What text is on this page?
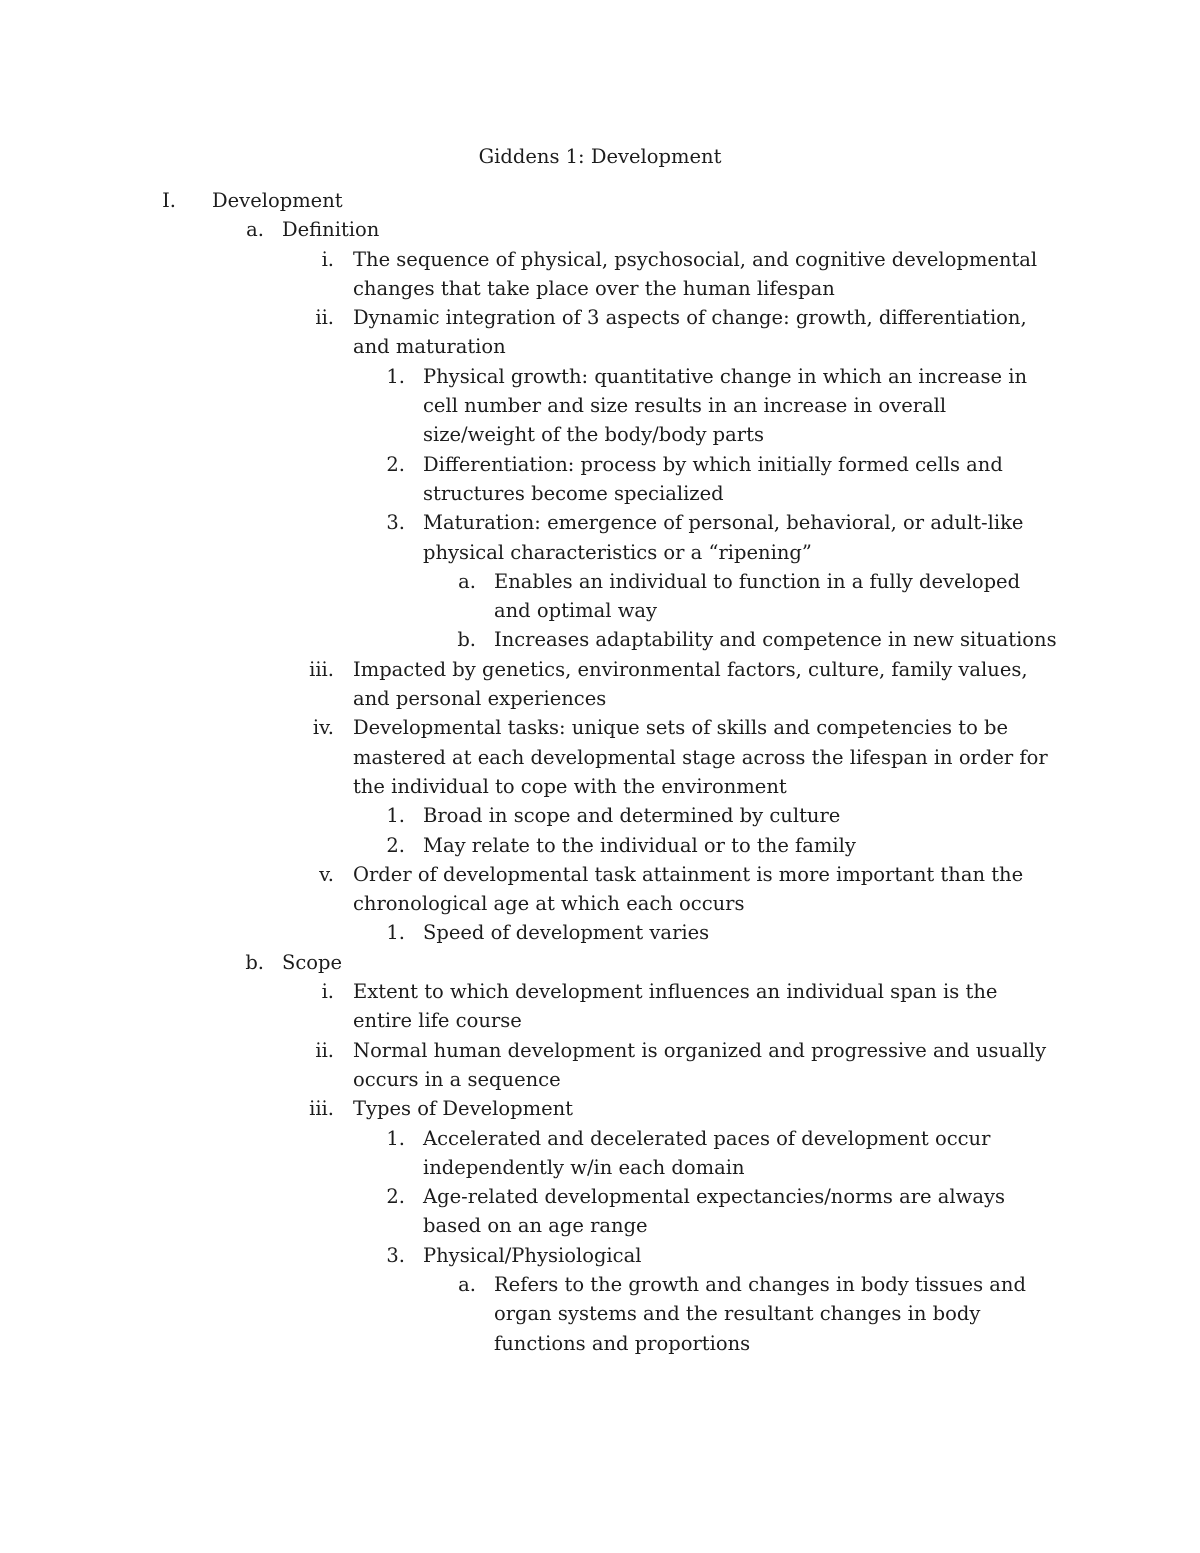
Giddens 1: Development
I. Development
a. Definition
i. The sequence of physical, psychosocial, and cognitive developmental changes that take place over the human lifespan
ii. Dynamic integration of 3 aspects of change: growth, differentiation, and maturation
1. Physical growth: quantitative change in which an increase in cell number and size results in an increase in overall size/weight of the body/body parts
2. Differentiation: process by which initially formed cells and structures become specialized
3. Maturation: emergence of personal, behavioral, or adult-like physical characteristics or a “ripening”
a. Enables an individual to function in a fully developed and optimal way
b. Increases adaptability and competence in new situations
iii. Impacted by genetics, environmental factors, culture, family values, and personal experiences
iv. Developmental tasks: unique sets of skills and competencies to be mastered at each developmental stage across the lifespan in order for the individual to cope with the environment
1. Broad in scope and determined by culture
2. May relate to the individual or to the family
v. Order of developmental task attainment is more important than the chronological age at which each occurs
1. Speed of development varies
b. Scope
i. Extent to which development influences an individual span is the entire life course
ii. Normal human development is organized and progressive and usually occurs in a sequence
iii. Types of Development
1. Accelerated and decelerated paces of development occur independently w/in each domain
2. Age-related developmental expectancies/norms are always based on an age range
3. Physical/Physiological
a. Refers to the growth and changes in body tissues and organ systems and the resultant changes in body functions and proportions
